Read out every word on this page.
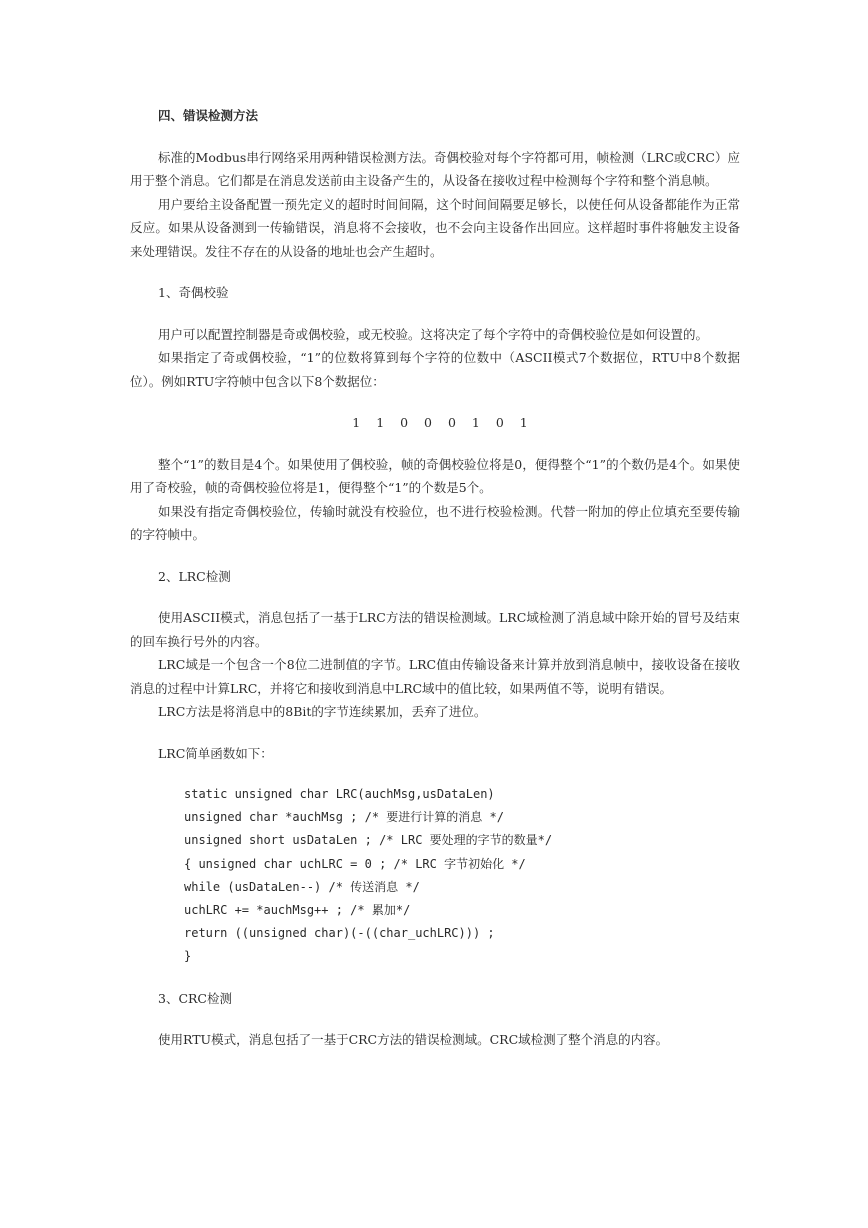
四、错误检测方法

标准的Modbus串行网络采用两种错误检测方法。奇偶校验对每个字符都可用，帧检测（LRC或CRC）应用于整个消息。它们都是在消息发送前由主设备产生的，从设备在接收过程中检测每个字符和整个消息帧。

用户要给主设备配置一预先定义的超时时间间隔，这个时间间隔要足够长，以使任何从设备都能作为正常反应。如果从设备测到一传输错误，消息将不会接收，也不会向主设备作出回应。这样超时事件将触发主设备来处理错误。发往不存在的从设备的地址也会产生超时。

1、奇偶校验

用户可以配置控制器是奇或偶校验，或无校验。这将决定了每个字符中的奇偶校验位是如何设置的。

如果指定了奇或偶校验，“1”的位数将算到每个字符的位数中（ASCII模式7个数据位，RTU中8个数据位）。例如RTU字符帧中包含以下8个数据位：

1 1 0 0 0 1 0 1

整个“1”的数目是4个。如果使用了偶校验，帧的奇偶校验位将是0，便得整个“1”的个数仍是4个。如果使用了奇校验，帧的奇偶校验位将是1，便得整个“1”的个数是5个。

如果没有指定奇偶校验位，传输时就没有校验位，也不进行校验检测。代替一附加的停止位填充至要传输的字符帧中。

2、LRC检测

使用ASCII模式，消息包括了一基于LRC方法的错误检测域。LRC域检测了消息域中除开始的冒号及结束的回车换行号外的内容。

LRC域是一个包含一个8位二进制值的字节。LRC值由传输设备来计算并放到消息帧中，接收设备在接收消息的过程中计算LRC，并将它和接收到消息中LRC域中的值比较，如果两值不等，说明有错误。

LRC方法是将消息中的8Bit的字节连续累加，丢弃了进位。

LRC简单函数如下：

static unsigned char LRC(auchMsg,usDataLen)

unsigned char *auchMsg ; /* 要进行计算的消息 */

unsigned short usDataLen ; /* LRC 要处理的字节的数量*/

{ unsigned char uchLRC = 0 ; /* LRC 字节初始化 */

while (usDataLen--) /* 传送消息 */

uchLRC += *auchMsg++ ; /* 累加*/

return ((unsigned char)(-((char_uchLRC))) ;

}

3、CRC检测

使用RTU模式，消息包括了一基于CRC方法的错误检测域。CRC域检测了整个消息的内容。
